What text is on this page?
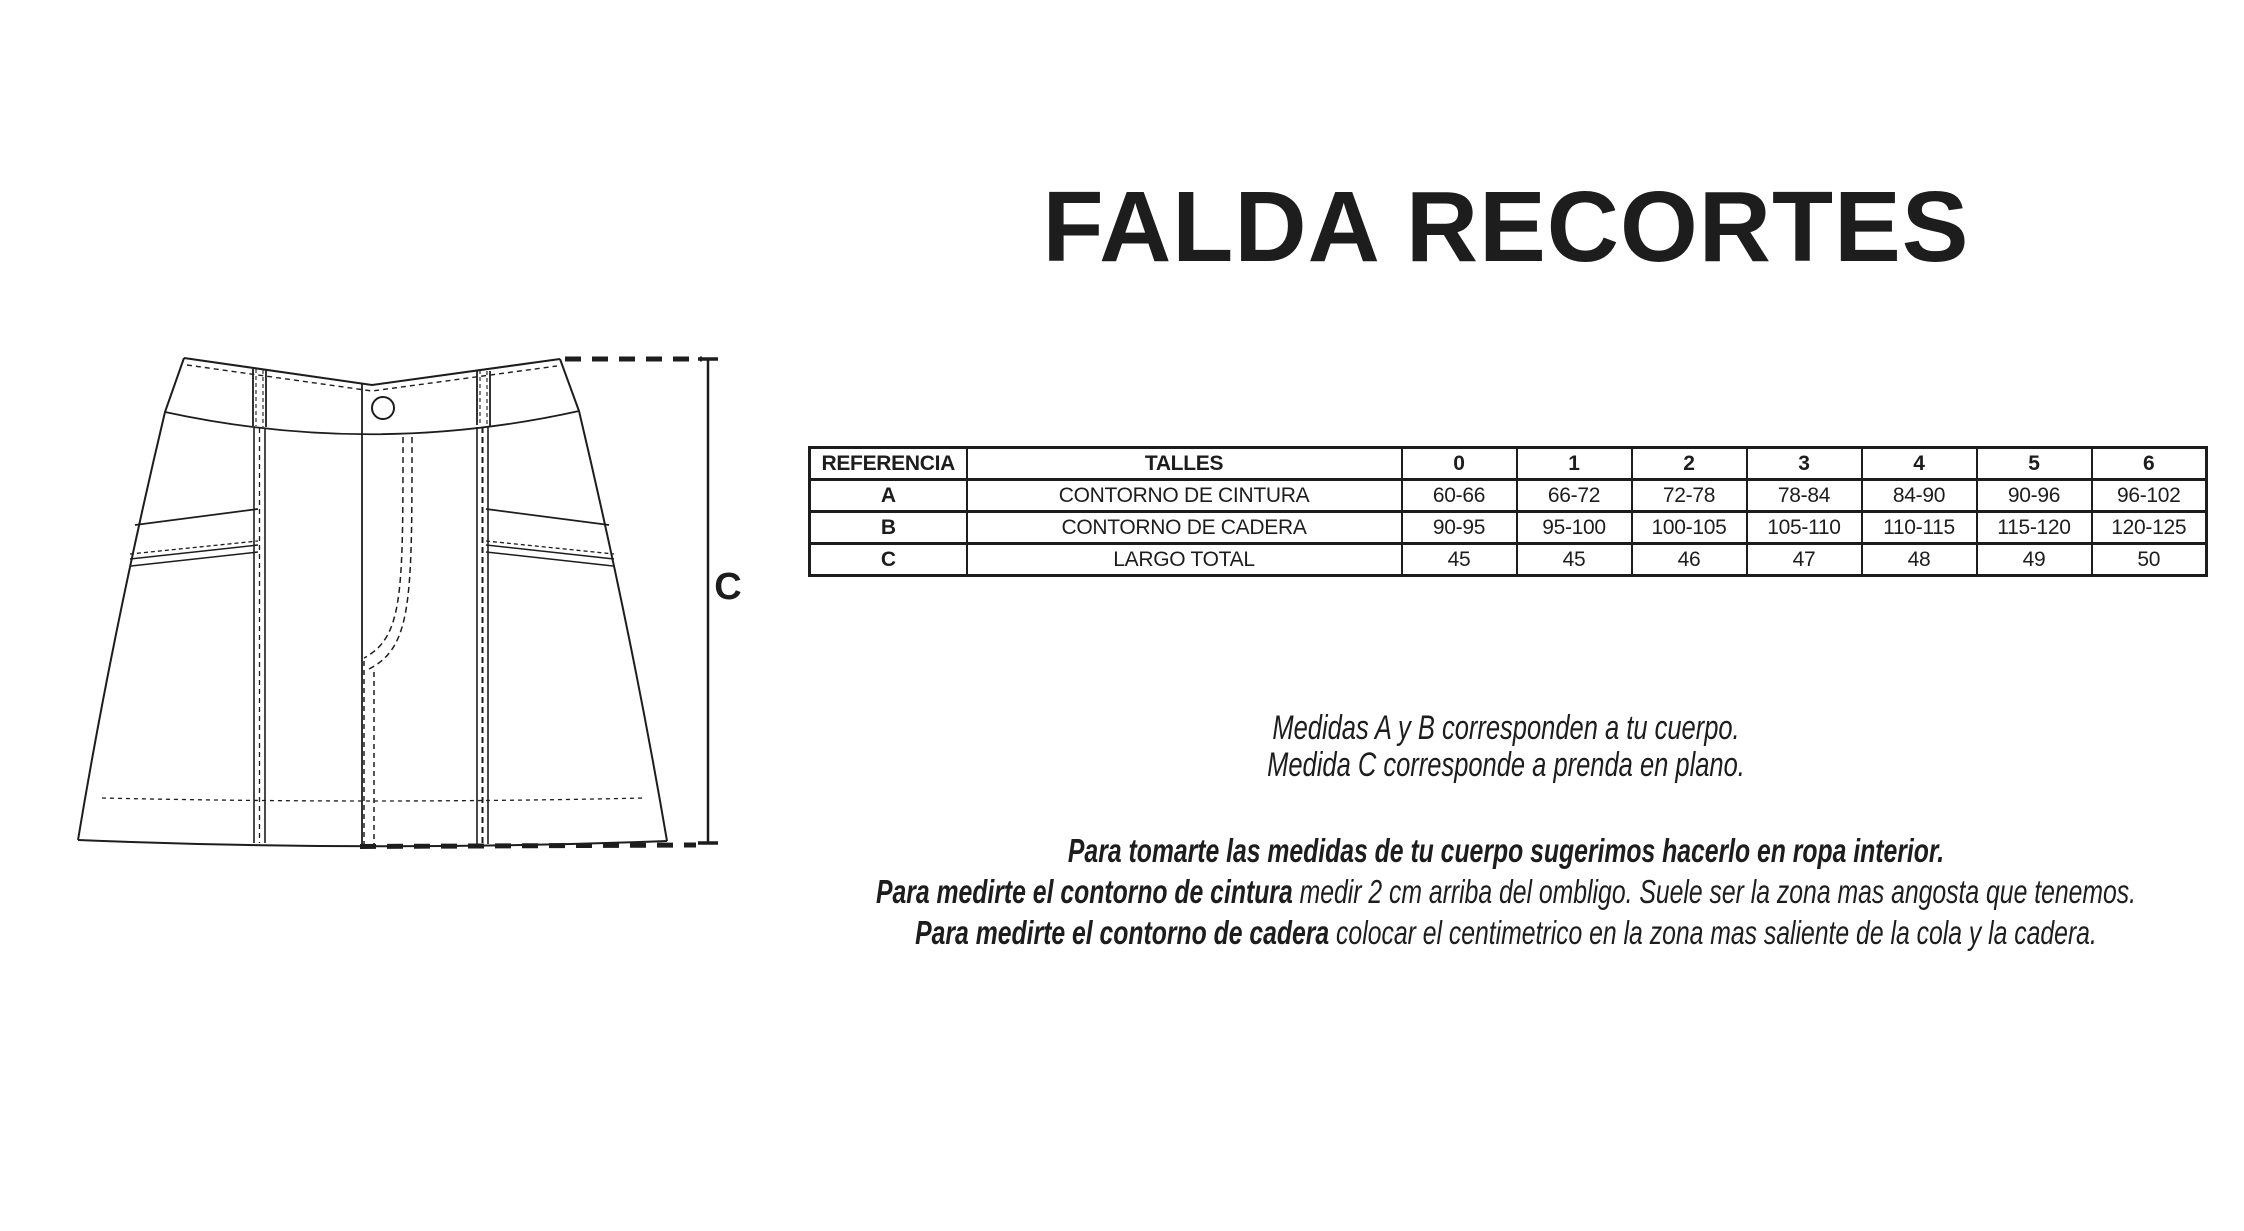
C
FALDA RECORTES
REFERENCIA	TALLES	0	1	2	3	4	5	6
A	CONTORNO DE CINTURA	60-66	66-72	72-78	78-84	84-90	90-96	96-102
B	CONTORNO DE CADERA	90-95	95-100	100-105	105-110	110-115	115-120	120-125
C	LARGO TOTAL	45	45	46	47	48	49	50
Medidas A y B corresponden a tu cuerpo.
Medida C corresponde a prenda en plano.
Para tomarte las medidas de tu cuerpo sugerimos hacerlo en ropa interior.
Para medirte el contorno de cintura medir 2 cm arriba del ombligo. Suele ser la zona mas angosta que tenemos.
Para medirte el contorno de cadera colocar el centimetrico en la zona mas saliente de la cola y la cadera.
